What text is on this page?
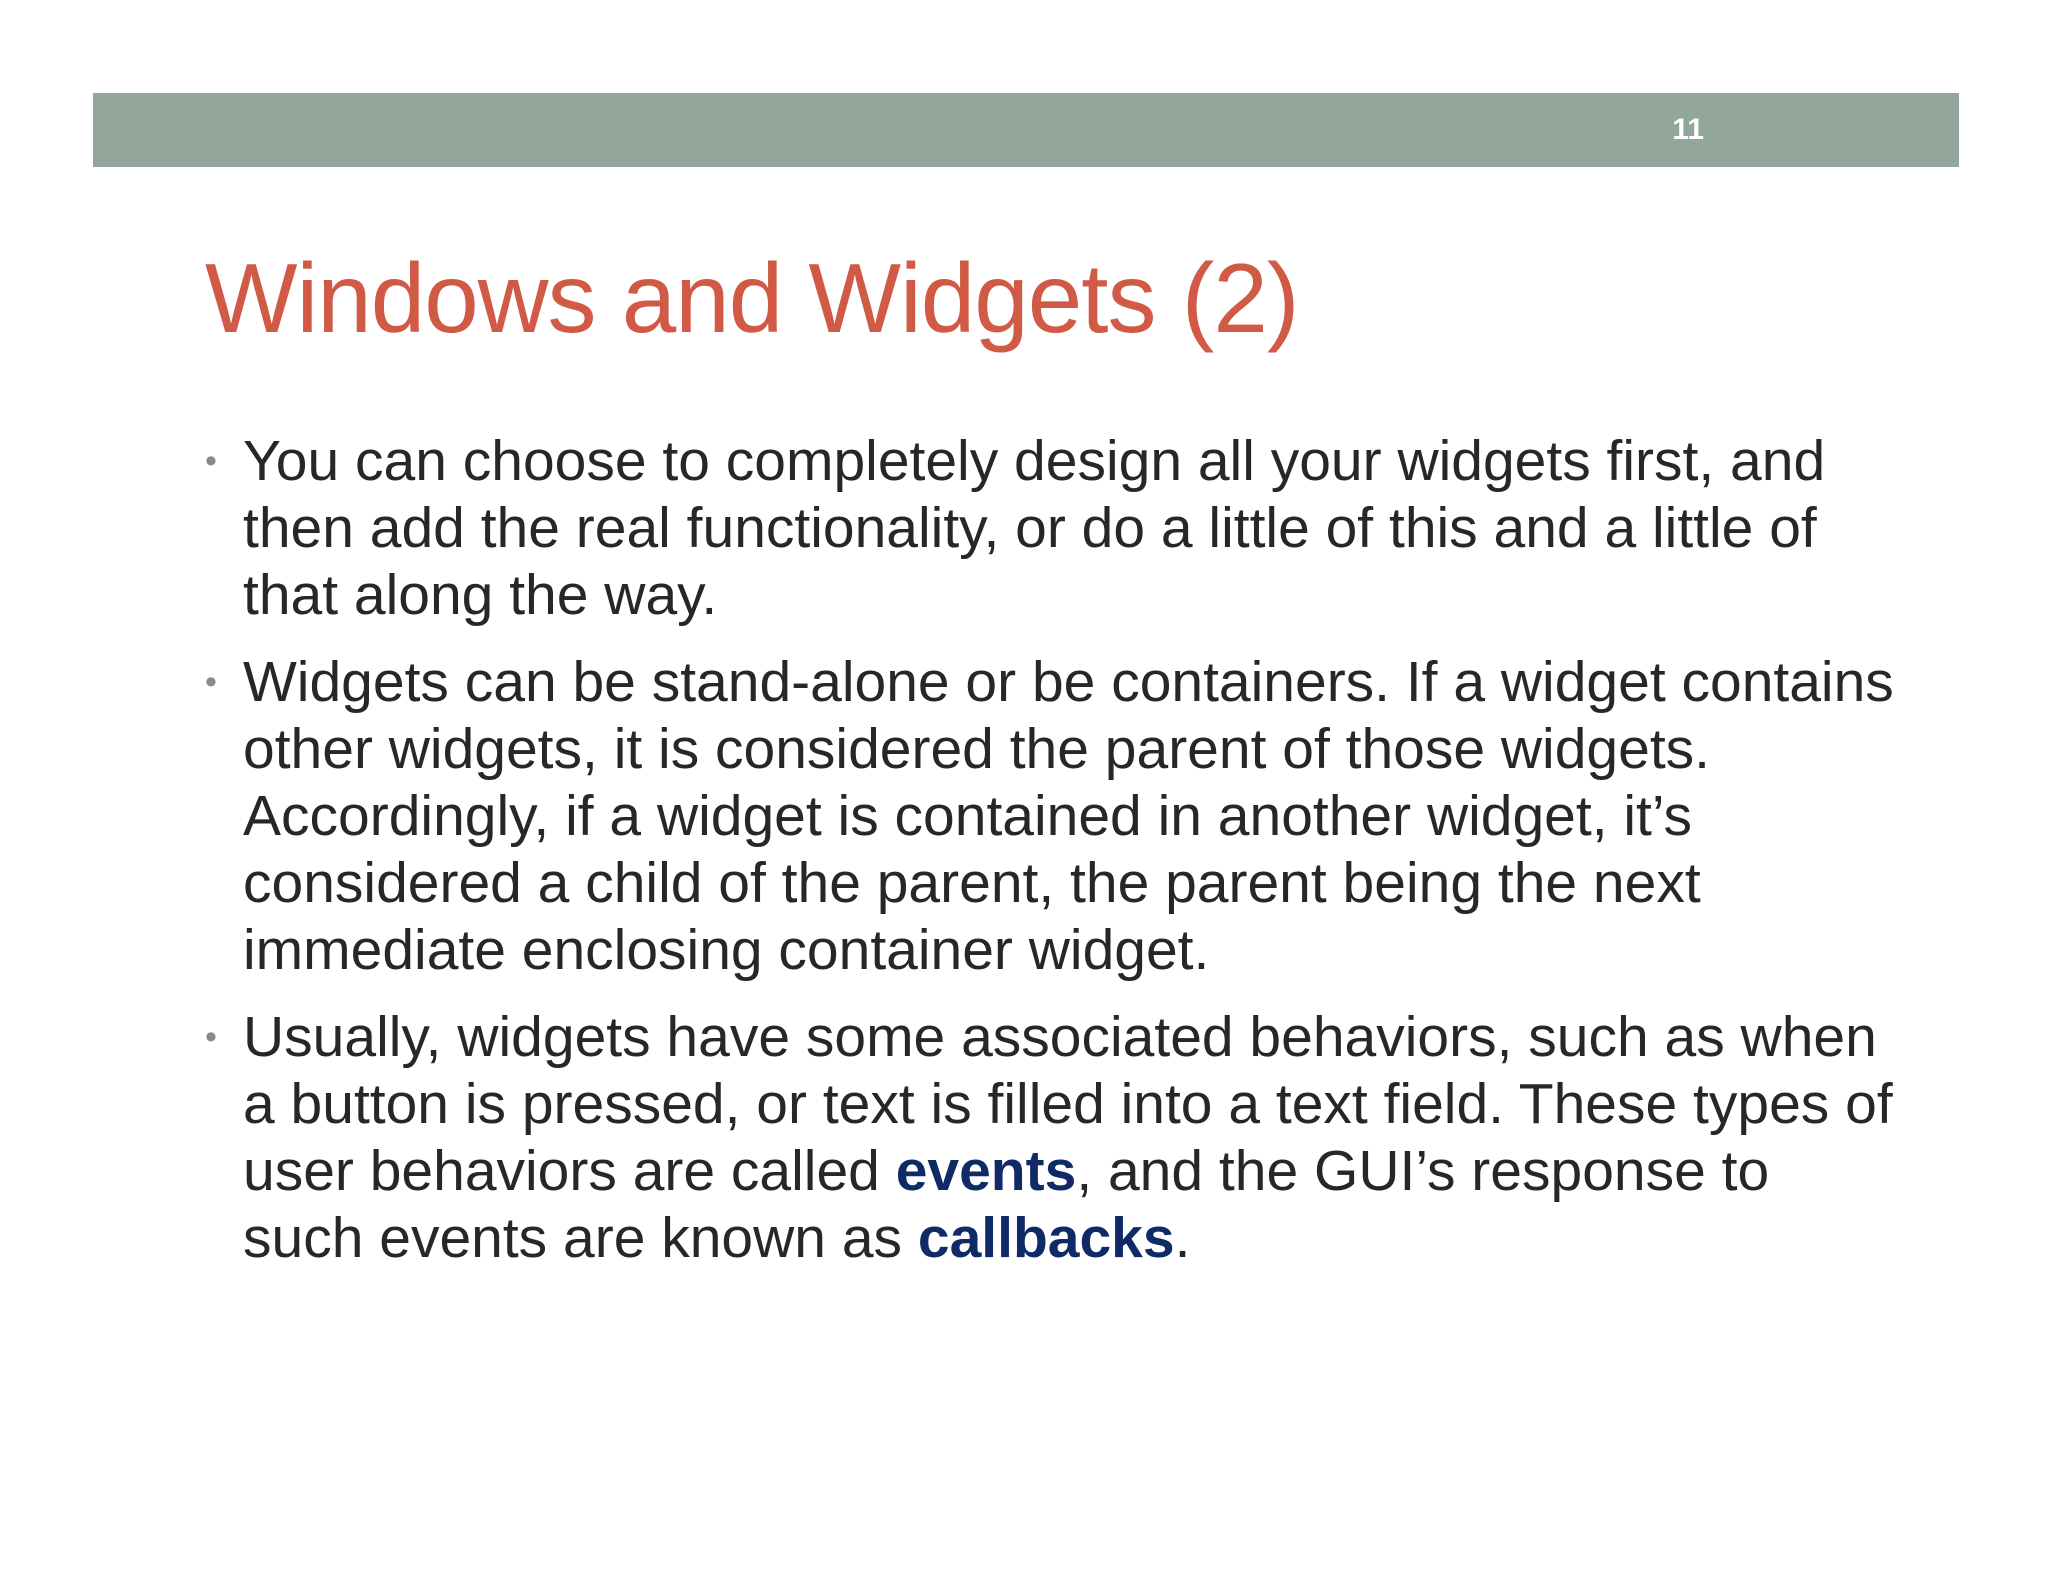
11
Windows and Widgets (2)
• You can choose to completely design all your widgets first, and then add the real functionality, or do a little of this and a little of that along the way.
• Widgets can be stand-alone or be containers. If a widget contains other widgets, it is considered the parent of those widgets. Accordingly, if a widget is contained in another widget, it’s considered a child of the parent, the parent being the next immediate enclosing container widget.
• Usually, widgets have some associated behaviors, such as when a button is pressed, or text is filled into a text field. These types of user behaviors are called events, and the GUI’s response to such events are known as callbacks.
